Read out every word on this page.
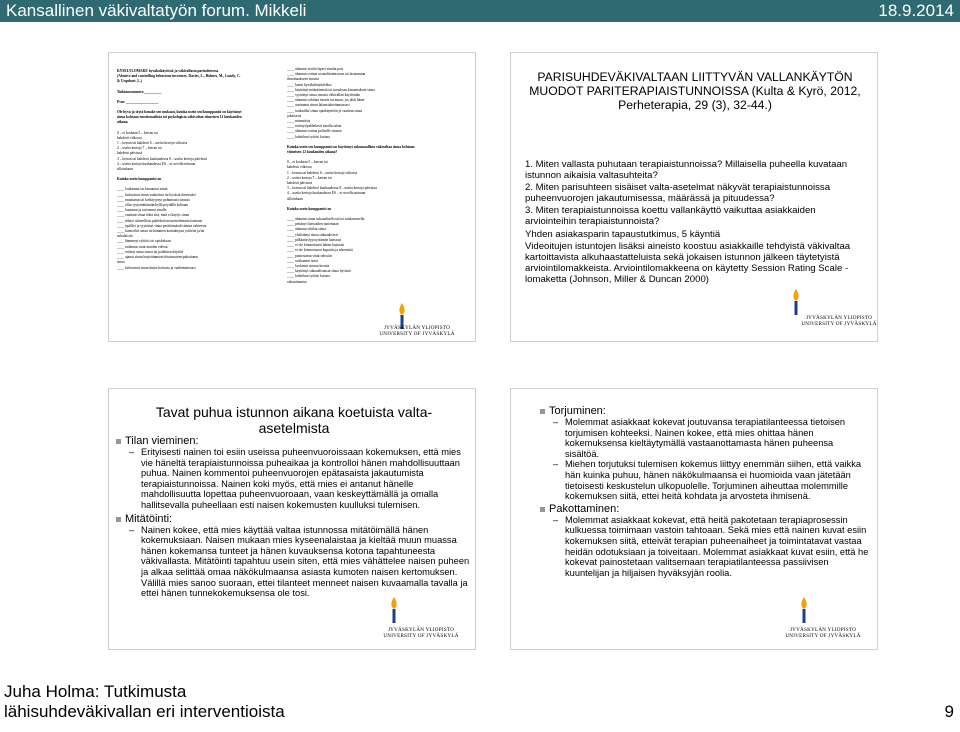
Kansallinen väkivaltatyön forum. Mikkeli	18.9.2014
KYSELYLOMAKE hyväksikäytöstä ja väkivallasta parisuhteessa
(Abusive and controlling behaviour inventory. Davies, L., Holmes, M., Lundy, C.
& Urquhart, L.)
Tutkimusnumero__________
Pvm: __________________
Ole hyvä ja täytä lomake sen mukaan, kuinka usein sen/kumppanisi on käyttänyt
sinua kohtaan emotionaalista tai psykologista väkivaltaa viimeisen 12 kuukauden
aikana.
0 – ei koskaan 5 – kerran tai
kahdesti viikossa
1 – kerran tai kahdesti 6 – useita kertoja viikossa
2 – useita kertoja 7 – kerran tai
kahdesti päivässä
3 – kerran tai kahdesti kuukaudessa 8 – useita kertoja päivässä
4 – useita kertoja kuukaudessa ES – ei sovellu minuun
silloinkaan
Kuinka usein kumppanisi on
____ loukannut tai kiusannut sinua
____ kritisoinut sinun vaatteitasi tai hyvästä ilmeestäsi
____ muuttanut tai kieltäytynyt puhumasta sinusta
____ ollut tyytymättömän/kyllä pöydällä kohtaan
____ huutanut ja raivonnut sinulle
____ vaatinut sinua tekiä sitä, mitä ei käytyt sinua
____ tehnyt suhteellisia päätöksiä neuvottelematta kanssasi
____ epäillyt ja syyttänyt sinua perättömästä/sinusta suhteesta
____ kontrolloi sinun tai hämmen kontaktejasi ystäviin ja/tai
sukulaisiin
____ hämmeyt ryhtiisi tai opiskeluasi
____ nolannut sinut muiden edessä
____ estänyt sinua sanoa tai polalinen käyttöä
____ ajanut sinun harjoittamiesi/riitaisuuteen/pakottanut
sinua
____ kritisoinut sinun kuten hoitosta ja vanhemmistasi
____ uhannut vioida lapset sinulta pois
____ uhannut sorttaa sosiaalitoimistoon tai lastaarsaan
ilmoittaakseen sinusta
____ kuten hyväksikäyttäväksi
____ käyttänyt määräämistä tai isosuhsan kiusantaksen sinua
____ syyttänyt sinua omasta väkivallan käytöstään
____ uhannut vahittaa itsesäs tai muun, jos jätät hänet
____ uusinanut sinun lakansialuettamassasi
____ tuokaallut sinun ajankäyttöön ja vaatinut sinua
jokaisesta
____ minuutista
____ esiintyi/pahhekesti sinulla rahaa
____ uhannut sorttaa poliisille sinusta
____ kohtelnut työtäsi kotona
Kuinka usein sen kumppanisi on käyttänyt sukumaallista väkivaltaa sinua kohtaan
viimeisen 12 kuukauden aikana?
0 – ei koskaan 5 – kerran tai
kahdesti viikossa
1 – kerran tai kahdesti 6 – useita kertoja viikossa
2 – useita kertoja 7 – kerran tai
kahdesti päivässä
3 – kerran tai kahdesti kuukaudessa 8 – useita kertoja päivässä
4 – useita kertoja kuukaudessa ES – ei sovellu minuun
silloinkaan
Kuinka usein kumppanisi on
____ uhannut sinua sukuaalisella tai/tai satulomusella
____ pettänyt tilassaiden tuntemaan
____ uhannut oikilaa sinua
____ yhdistänyt sinua sukuaalisesti
____ pilkkanyt/pyssyisämön kanssasi
____ ei ole kiinnostunut hänen kanssasi
____ ei ole kiinnostunut kuputtia ja tekemistä
____ painostanut sinut sekssiin
____ raiskannut sinut
____ koskenut sinuun luvatta
____ käyttänyt sukuaalisuusta sinua hyvästä
____ kohtelnut työtäsi kotona
vakuuttuneita
JYVÄSKYLÄN YLIOPISTO
UNIVERSITY OF JYVÄSKYLÄ
PARISUHDEVÄKIVALTAAN LIITTYVÄN VALLANKÄYTÖN MUODOT PARITERAPIAISTUNNOISSA (Kulta & Kyrö, 2012, Perheterapia, 29 (3), 32-44.)
1. Miten vallasta puhutaan terapiaistunnoissa? Millaisella puheella kuvataan istunnon aikaisia valtasuhteita?
2. Miten parisuhteen sisäiset valta-asetelmat näkyvät terapiaistunnoissa puheenvuorojen jakautumisessa, määrässä ja pituudessa?
3. Miten terapiaistunnoissa koettu vallankäyttö vaikuttaa asiakkaiden arviointeihin terapiaistunnoista?
Yhden asiakasparin tapaustutkimus, 5 käyntiä
Videoitujen istuntojen lisäksi aineisto koostuu asiakkaille tehdyistä väkivaltaa kartoittavista alkuhaastatteluista sekä jokaisen istunnon jälkeen täytetyistä arviointilomakkeista. Arviointilomakkeena on käytetty Session Rating Scale -lomaketta (Johnson, Miller & Duncan 2000)
JYVÄSKYLÄN YLIOPISTO
UNIVERSITY OF JYVÄSKYLÄ
Tavat puhua istunnon aikana koetuista valta-asetelmista
Tilan vieminen:
– Erityisesti nainen toi esiin useissa puheenvuoroissaan kokemuksen, että mies vie häneltä terapiaistunnoissa puheaikaa ja kontrolloi hänen mahdollisuuttaan puhua. Nainen kommentoi puheenvuorojen epätasaista jakautumista terapiaistunnoissa. Nainen koki myös, että mies ei antanut hänelle mahdollisuutta lopettaa puheenvuoroaan, vaan keskeyttämällä ja omalla hallitsevalla puheellaan esti naisen kokemusten kuulluksi tulemisen.
Mitätöinti:
– Nainen kokee, että mies käyttää valtaa istunnossa mitätöimällä hänen kokemuksiaan. Naisen mukaan mies kyseenalaistaa ja kieltää muun muassa hänen kokemansa tunteet ja hänen kuvauksensa kotona tapahtuneesta väkivallasta. Mitätöinti tapahtuu usein siten, että mies vähättelee naisen puheen ja alkaa selittää omaa näkökulmaansa asiasta kumoten naisen kertomuksen. Välillä mies sanoo suoraan, ettei tilanteet menneet naisen kuvaamalla tavalla ja ettei hänen tunnekokemuksensa ole tosi.
JYVÄSKYLÄN YLIOPISTO
UNIVERSITY OF JYVÄSKYLÄ
Torjuminen:
– Molemmat asiakkaat kokevat joutuvansa terapiatilanteessa tietoisen torjumisen kohteeksi. Nainen kokee, että mies ohittaa hänen kokemuksensa kieltäytymällä vastaanottamasta hänen puheensa sisältöä.
– Miehen torjutuksi tulemisen kokemus liittyy enemmän siihen, että vaikka hän kuinka puhuu, hänen näkökulmaansa ei huomioida vaan jätetään tietoisesti keskustelun ulkopuolelle. Torjuminen aiheuttaa molemmille kokemuksen siitä, ettei heitä kohdata ja arvosteta ihmisenä.
Pakottaminen:
– Molemmat asiakkaat kokevat, että heitä pakotetaan terapiaprosessin kulkuessa toimimaan vastoin tahtoaan. Sekä mies että nainen kuvat esiin kokemuksen siitä, etteivät terapian puheenaiheet ja toimintatavat vastaa heidän odotuksiaan ja toiveitaan. Molemmat asiakkaat kuvat esiin, että he kokevat painostetaan valitsemaan terapiatilanteessa passiivisen kuuntelijan ja hiljaisen hyväksyjän roolia.
JYVÄSKYLÄN YLIOPISTO
UNIVERSITY OF JYVÄSKYLÄ
Juha Holma: Tutkimusta lähisuhdeväkivallan eri interventioista	9
